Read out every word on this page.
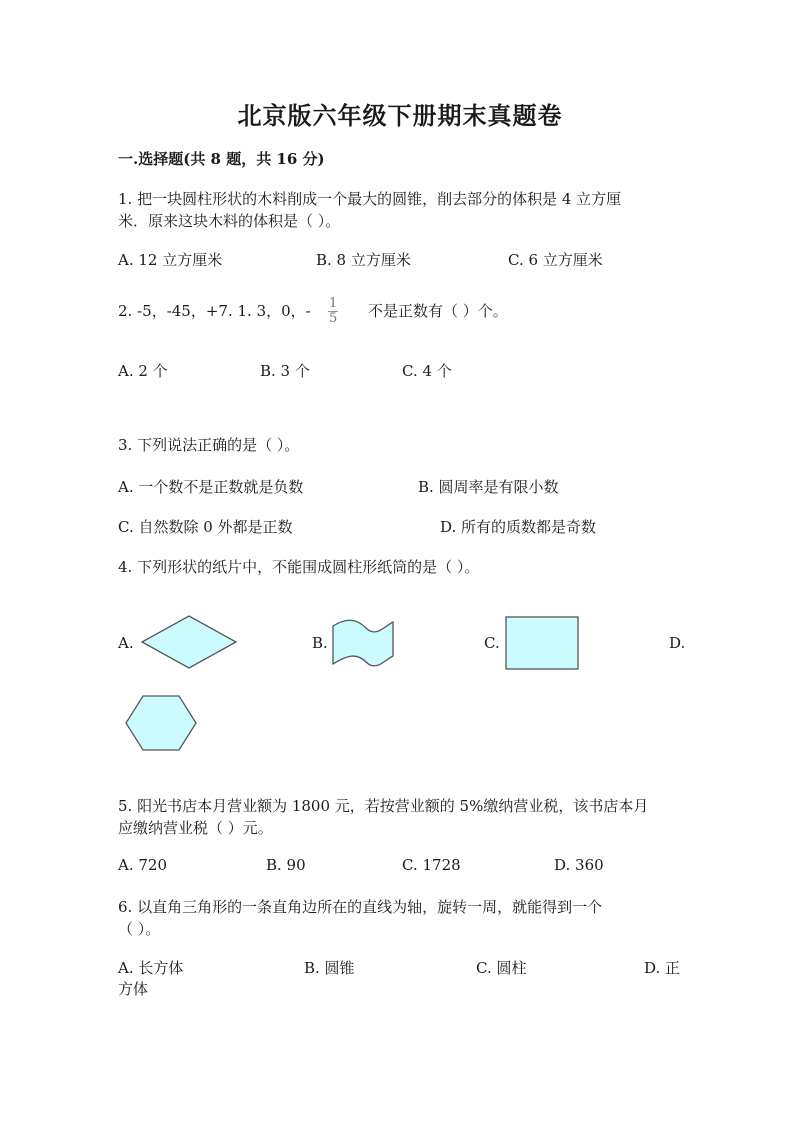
北京版六年级下册期末真题卷
一.选择题(共 8 题，共 16 分)
1. 把一块圆柱形状的木料削成一个最大的圆锥，削去部分的体积是 4 立方厘
米．原来这块木料的体积是（ ）。
A. 12 立方厘米	B. 8 立方厘米	C. 6 立方厘米
2. -5，-45，+7. 1. 3，0，- $\frac{1}{5}$ 不是正数有（ ）个。
A. 2 个	B. 3 个	C. 4 个
3. 下列说法正确的是（ ）。
A. 一个数不是正数就是负数	B. 圆周率是有限小数
C. 自然数除 0 外都是正数	D. 所有的质数都是奇数
4. 下列形状的纸片中，不能围成圆柱形纸筒的是（ ）。
A.	B.	C.	D.
5. 阳光书店本月营业额为 1800 元，若按营业额的 5%缴纳营业税，该书店本月
应缴纳营业税（ ）元。
A. 720	B. 90	C. 1728	D. 360
6. 以直角三角形的一条直角边所在的直线为轴，旋转一周，就能得到一个
（ ）。
A. 长方体	B. 圆锥	C. 圆柱	D. 正
方体
